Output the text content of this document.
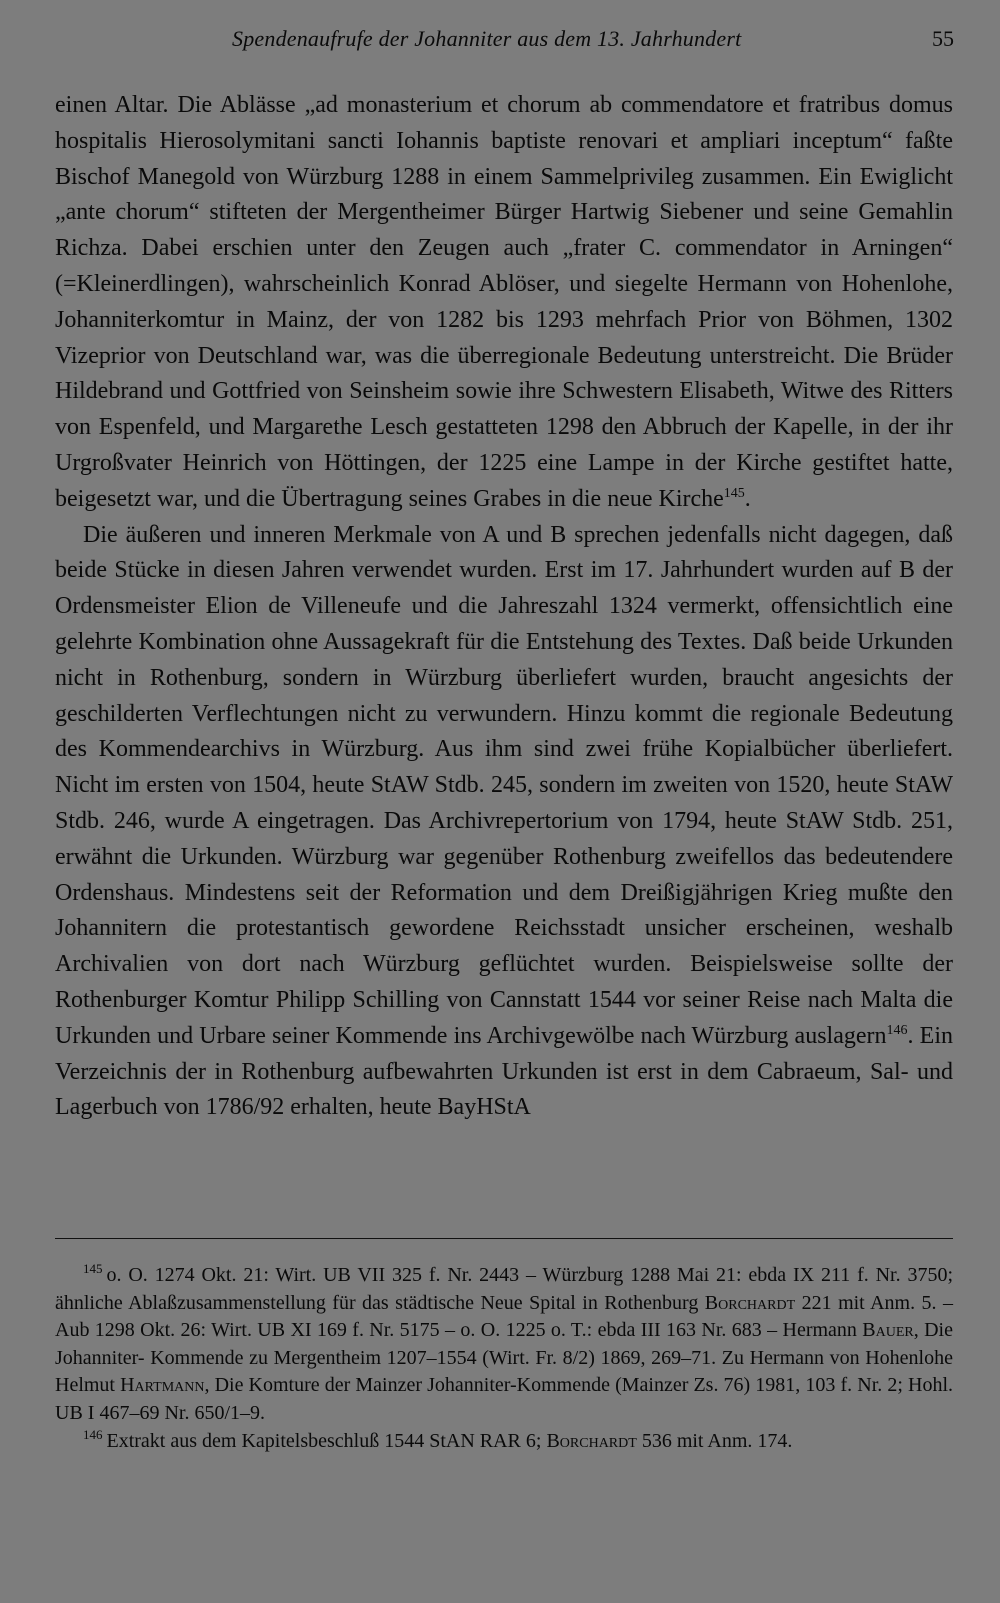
Spendenaufrufe der Johanniter aus dem 13. Jahrhundert	55

einen Altar. Die Ablässe „ad monasterium et chorum ab commendatore et fratribus domus hospitalis Hierosolymitani sancti Iohannis baptiste renovari et ampliari inceptum“ faßte Bischof Manegold von Würzburg 1288 in einem Sammelprivileg zusammen. Ein Ewiglicht „ante chorum“ stifteten der Mergentheimer Bürger Hartwig Siebener und seine Gemahlin Richza. Dabei erschien unter den Zeugen auch „frater C. commendator in Arningen“ (=Kleinerdlingen), wahrscheinlich Konrad Ablöser, und siegelte Hermann von Hohenlohe, Johanniterkomtur in Mainz, der von 1282 bis 1293 mehrfach Prior von Böhmen, 1302 Vizeprior von Deutschland war, was die überregionale Bedeutung unterstreicht. Die Brüder Hildebrand und Gottfried von Seinsheim sowie ihre Schwestern Elisabeth, Witwe des Ritters von Espenfeld, und Margarethe Lesch gestatteten 1298 den Abbruch der Kapelle, in der ihr Urgroßvater Heinrich von Höttingen, der 1225 eine Lampe in der Kirche gestiftet hatte, beigesetzt war, und die Übertragung seines Grabes in die neue Kirche$^{145}$.

Die äußeren und inneren Merkmale von A und B sprechen jedenfalls nicht dagegen, daß beide Stücke in diesen Jahren verwendet wurden. Erst im 17. Jahrhundert wurden auf B der Ordensmeister Elion de Villeneufe und die Jahreszahl 1324 vermerkt, offensichtlich eine gelehrte Kombination ohne Aussagekraft für die Entstehung des Textes. Daß beide Urkunden nicht in Rothenburg, sondern in Würzburg überliefert wurden, braucht angesichts der geschilderten Verflechtungen nicht zu verwundern. Hinzu kommt die regionale Bedeutung des Kommendearchivs in Würzburg. Aus ihm sind zwei frühe Kopialbücher überliefert. Nicht im ersten von 1504, heute StAW Stdb. 245, sondern im zweiten von 1520, heute StAW Stdb. 246, wurde A eingetragen. Das Archivrepertorium von 1794, heute StAW Stdb. 251, erwähnt die Urkunden. Würzburg war gegenüber Rothenburg zweifellos das bedeutendere Ordenshaus. Mindestens seit der Reformation und dem Dreißigjährigen Krieg mußte den Johannitern die protestantisch gewordene Reichsstadt unsicher erscheinen, weshalb Archivalien von dort nach Würzburg geflüchtet wurden. Beispielsweise sollte der Rothenburger Komtur Philipp Schilling von Cannstatt 1544 vor seiner Reise nach Malta die Urkunden und Urbare seiner Kommende ins Archivgewölbe nach Würzburg auslagern$^{146}$. Ein Verzeichnis der in Rothenburg aufbewahrten Urkunden ist erst in dem Cabraeum, Sal- und Lagerbuch von 1786/92 erhalten, heute BayHStA

$^{145}$ o. O. 1274 Okt. 21: Wirt. UB VII 325 f. Nr. 2443 – Würzburg 1288 Mai 21: ebda IX 211 f. Nr. 3750; ähnliche Ablaßzusammenstellung für das städtische Neue Spital in Rothenburg Borchardt 221 mit Anm. 5. – Aub 1298 Okt. 26: Wirt. UB XI 169 f. Nr. 5175 – o. O. 1225 o. T.: ebda III 163 Nr. 683 – Hermann Bauer, Die Johanniter- Kommende zu Mergentheim 1207–1554 (Wirt. Fr. 8/2) 1869, 269–71. Zu Hermann von Hohenlohe Helmut Hartmann, Die Komture der Mainzer Johanniter-Kommende (Mainzer Zs. 76) 1981, 103 f. Nr. 2; Hohl. UB I 467–69 Nr. 650/1–9.

$^{146}$ Extrakt aus dem Kapitelsbeschluß 1544 StAN RAR 6; Borchardt 536 mit Anm. 174.
